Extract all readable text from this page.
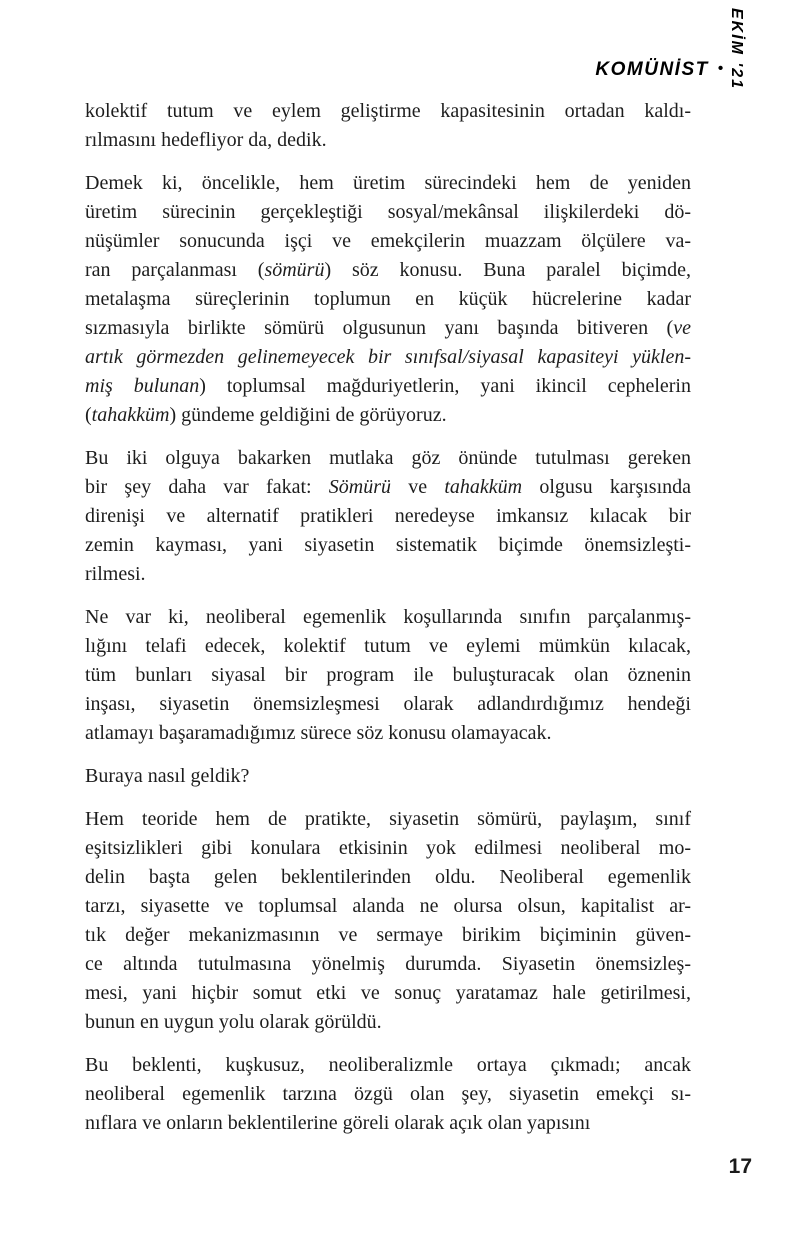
KOMÜNİST • EKİM '21
kolektif tutum ve eylem geliştirme kapasitesinin ortadan kaldı-
rılmasını hedefliyor da, dedik.
Demek ki, öncelikle, hem üretim sürecindeki hem de yeniden
üretim sürecinin gerçekleştiği sosyal/mekânsal ilişkilerdeki dö-
nüşümler sonucunda işçi ve emekçilerin muazzam ölçülere va-
ran parçalanması (sömürü) söz konusu. Buna paralel biçimde,
metalaşma süreçlerinin toplumun en küçük hücrelerine kadar
sızmasıyla birlikte sömürü olgusunun yanı başında bitiveren (ve
artık görmezden gelinemeyecek bir sınıfsal/siyasal kapasiteyi yüklen-
miş bulunan) toplumsal mağduriyetlerin, yani ikincil cephelerin
(tahakküm) gündeme geldiğini de görüyoruz.
Bu iki olguya bakarken mutlaka göz önünde tutulması gereken
bir şey daha var fakat: Sömürü ve tahakküm olgusu karşısında
direnişi ve alternatif pratikleri neredeyse imkansız kılacak bir
zemin kayması, yani siyasetin sistematik biçimde önemsizleşti-
rilmesi.
Ne var ki, neoliberal egemenlik koşullarında sınıfın parçalanmış-
lığını telafi edecek, kolektif tutum ve eylemi mümkün kılacak,
tüm bunları siyasal bir program ile buluşturacak olan öznenin
inşası, siyasetin önemsizleşmesi olarak adlandırdığımız hendeği
atlamayı başaramadığımız sürece söz konusu olamayacak.
Buraya nasıl geldik?
Hem teoride hem de pratikte, siyasetin sömürü, paylaşım, sınıf
eşitsizlikleri gibi konulara etkisinin yok edilmesi neoliberal mo-
delin başta gelen beklentilerinden oldu. Neoliberal egemenlik
tarzı, siyasette ve toplumsal alanda ne olursa olsun, kapitalist ar-
tık değer mekanizmasının ve sermaye birikim biçiminin güven-
ce altında tutulmasına yönelmiş durumda. Siyasetin önemsizleş-
mesi, yani hiçbir somut etki ve sonuç yaratamaz hale getirilmesi,
bunun en uygun yolu olarak görüldü.
Bu beklenti, kuşkusuz, neoliberalizmle ortaya çıkmadı; ancak
neoliberal egemenlik tarzına özgü olan şey, siyasetin emekçi sı-
nıflara ve onların beklentilerine göreli olarak açık olan yapısını
17
